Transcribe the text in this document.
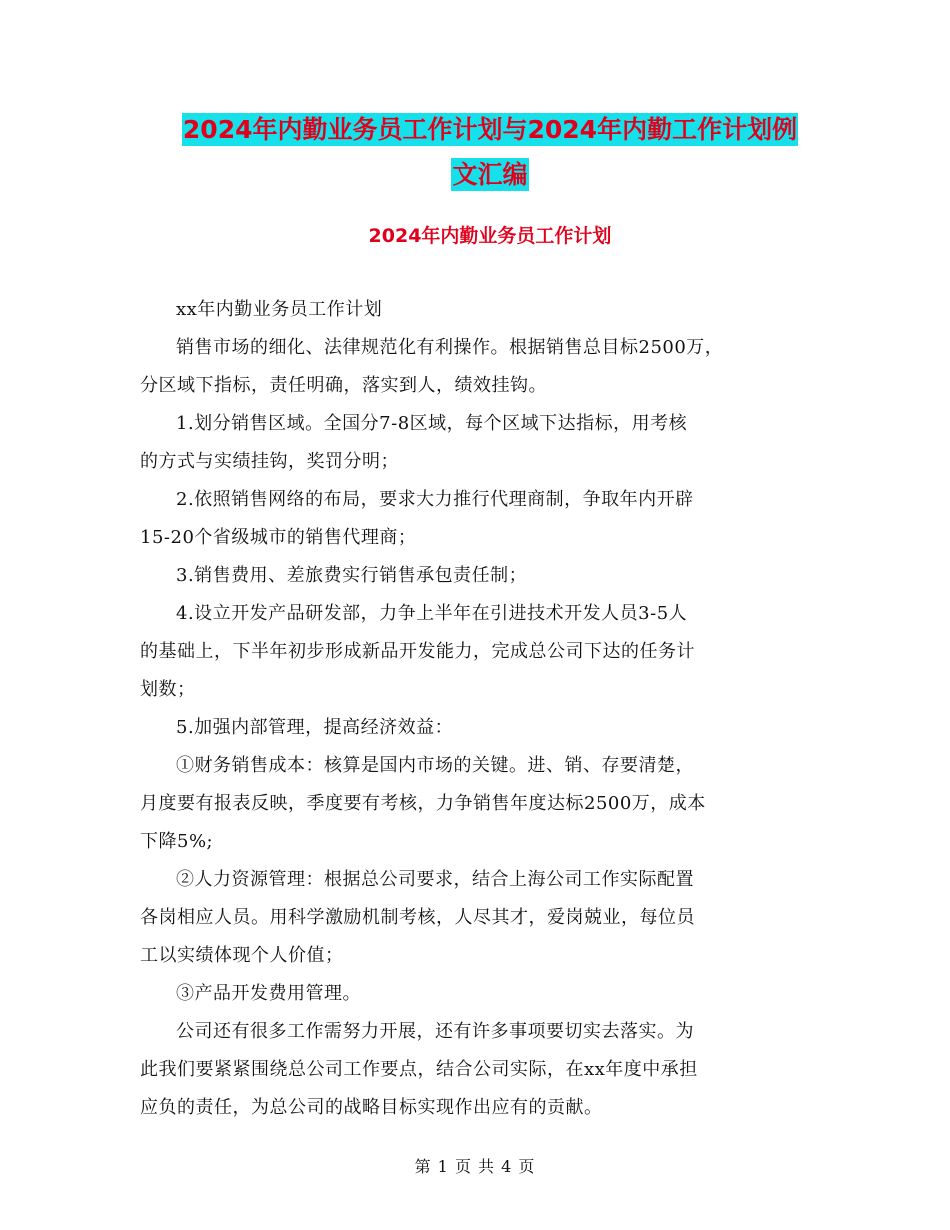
2024年内勤业务员工作计划与2024年内勤工作计划例
文汇编
2024年内勤业务员工作计划
xx年内勤业务员工作计划
销售市场的细化、法律规范化有利操作。根据销售总目标2500万，
分区域下指标，责任明确，落实到人，绩效挂钩。
1.划分销售区域。全国分7-8区域，每个区域下达指标，用考核
的方式与实绩挂钩，奖罚分明；
2.依照销售网络的布局，要求大力推行代理商制，争取年内开辟
15-20个省级城市的销售代理商；
3.销售费用、差旅费实行销售承包责任制；
4.设立开发产品研发部，力争上半年在引进技术开发人员3-5人
的基础上，下半年初步形成新品开发能力，完成总公司下达的任务计
划数；
5.加强内部管理，提高经济效益：
①财务销售成本：核算是国内市场的关键。进、销、存要清楚，
月度要有报表反映，季度要有考核，力争销售年度达标2500万，成本
下降5%;
②人力资源管理：根据总公司要求，结合上海公司工作实际配置
各岗相应人员。用科学激励机制考核，人尽其才，爱岗兢业，每位员
工以实绩体现个人价值；
③产品开发费用管理。
公司还有很多工作需努力开展，还有许多事项要切实去落实。为
此我们要紧紧围绕总公司工作要点，结合公司实际，在xx年度中承担
应负的责任，为总公司的战略目标实现作出应有的贡献。
第 1 页 共 4 页
